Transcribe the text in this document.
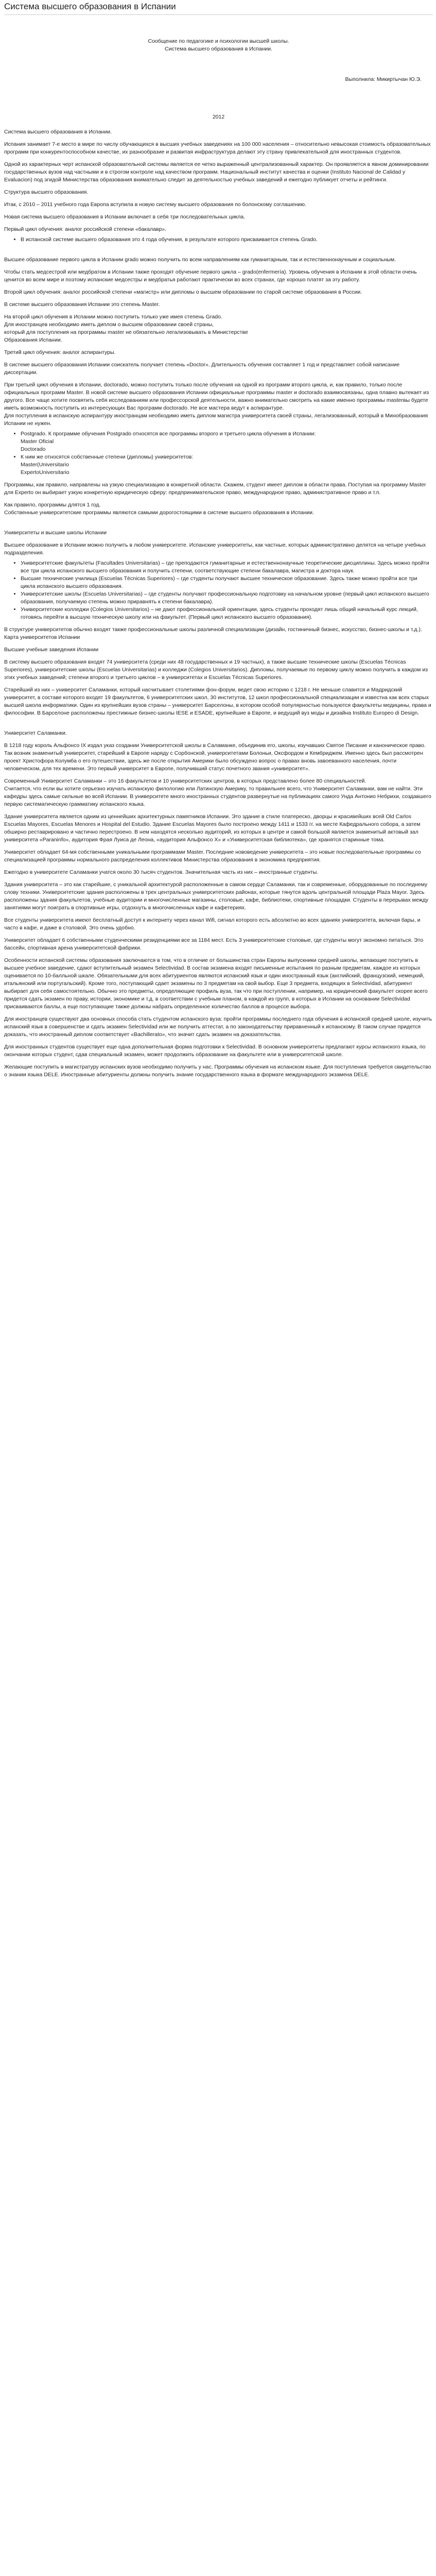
Система высшего образования в Испании

Сообщение по педагогике и психологии высшей школы.

Система высшего образования в Испании.

Выполнила: Микиртычан Ю.Э.

2012

Система высшего образования в Испании.

Испания занимает 7-е место в мире по числу обучающихся в высших учебных заведениях на 100 000 населения – относительно невысокая стоимость образовательных программ при конкурентоспособном качестве, их разнообразие и развитая инфраструктура делают эту страну привлекательной для иностранных студентов.

Одной из характерных черт испанской образовательной системы является ее четко выраженный централизованный характер. Он проявляется в явном доминировании государственных вузов над частными и в строгом контроле над качеством программ. Национальный институт качества и оценки (Instituto Nacional de Calidad y Evaluacion) под эгидой Министерства образования внимательно следит за деятельностью учебных заведений и ежегодно публикует отчеты и рейтинги.

Структура высшего образования.

Итак, с 2010 – 2011 учебного года Европа вступила в новую систему высшего образования по болонскому соглашению.

Новая система высшего образования в Испании включает в себя три последовательных цикла.

Первый цикл обучения: аналог российской степени «бакалавр».

• В испанской системе высшего образования это 4 года обучения, в результате которого присваивается степень Grado.

Высшее образование первого цикла в Испании grado можно получить по всем направлениям как гуманитарным, так и естественнонаучным и социальным.

Чтобы стать медсестрой или медбратом в Испании также проходят обучение первого цикла – grado(enfermería). Уровень обучения в Испании в этой области очень ценится во всем мире и поэтому испанские медсестры и медбратья работают практически во всех странах, где хорошо платят за эту работу.

Второй цикл обучения: аналог российской степени «магистр» или дипломы о высшем образовании по старой системе образования в России.

В системе высшего образования Испании это степень Master.

На второй цикл обучения в Испании можно поступить только уже имея степень Grado.
Для иностранцев необходимо иметь диплом о высшем образовании своей страны,
который для поступления на программы master не обязательно легализовывать в Министерстве
Образования Испании.

Третий цикл обучения: аналог аспирантуры.

В системе высшего образования Испании соискатель получает степень «Doctor». Длительность обучения составляет 1 год и представляет собой написание диссертации.

При третьей цикл обучения в Испании, doctorado, можно поступить только после обучения на одной из программ второго цикла, и, как правило, только после официальных программ Master. В новой системе высшего образования Испании официальные программы master и doctorado взаимосвязаны, одна плавно вытекает из другого. Все чаще хотите посвятить себя исследованиям или профессорской деятельности, важно внимательно смотреть на какие именно программы masterвы будете иметь возможность поступить из интересующих Вас программ doctorado. Не все мастера ведут к аспирантуре.
Для поступления в испанскую аспирантуру иностранцам необходимо иметь диплом магистра университета своей страны, легализованный, который в Минобразования Испании не нужен.

• Postgrado. К программе обучения Postgrado относятся все программы второго и третьего цикла обучения в Испании:
Master Oficial
Doctorado
• К ним же относятся собственные степени (дипломы) университетов:
Master(Universitario
ExpertoUniversitario

Программы, как правило, направлены на узкую специализацию в конкретной области. Скажем, студент имеет диплом в области права. Поступая на программу Master для Experto он выбирает узкую конкретную юридическую сферу: предпринимательское право, международное право, административное право и т.п.

Как правило, программы длятся 1 год.
Собственные университетские программы являются самыми дорогостоящими в системе высшего образования в Испании.

Университеты и высшие школы Испании

Высшее образование в Испании можно получить в любом университете. Испанские университеты, как частные, которых административно делятся на четыре учебных подразделения.

• Университетские факультеты (Facultades Universitarias) – где преподаются гуманитарные и естественнонаучные теоретические дисциплины. Здесь можно пройти все три цикла испанского высшего образования и получить степени, соответствующие степени бакалавра, магистра и доктора наук.
• Высшие технические училища (Escuelas Técnicas Superiores) – где студенты получают высшее техническое образование. Здесь также можно пройти все три цикла испанского высшего образования.
• Университетские школы (Escuelas Universitarias) – где студенты получают профессиональную подготовку на начальном уровне (первый цикл испанского высшего образования, получаемую степень можно приравнять к степени бакалавра).
• Университетские колледжи (Colegios Universitarios) – не дают профессиональной ориентации, здесь студенты проходят лишь общий начальный курс лекций, готовясь перейти в высшую техническую школу или на факультет. (Первый цикл испанского высшего образования).

В структуре университетов обычно входят также профессиональные школы различной специализации (дизайн, гостиничный бизнес, искусство, бизнес-школы и т.д.).
Карта университетов Испании

Высшие учебные заведения Испании

В систему высшего образования входят 74 университета (среди них 48 государственных и 19 частных), а также высшие технические школы (Escuelas Técnicas Superiores), университетские школы (Escuelas Universitarias) и колледжи (Colegios Universitarios). Дипломы, получаемые по первому циклу можно получить в каждом из этих учебных заведений; степени второго и третьего циклов – в университетах и Escuelas Técnicas Superiores.

Старейший из них – университет Саламанки, который насчитывает столетиями фон-форум, ведет свою историю с 1218 г. Не меньше славится и Мадридский университет, в составе которого входят 19 факультетов, 6 университетских школ, 30 институтов, 12 школ профессиональной специализации и известна как всех старых высшей школа информатики. Один из крупнейших вузов страны – университет Барселоны, в котором особой популярностью пользуются факультеты медицины, права и философии. В Барселоне расположены престижные бизнес-школы IESE и ESADE, крупнейшие в Европе, и ведущий вуз моды и дизайна Instituto Europeo di Design.

Университет Саламанки.

В 1218 году король Альфонсо IX издал указ создании Университетской школы в Саламанке, объединив его, школы, изучавших Святое Писание и каноническое право. Так возник знаменитый университет, старейший в Европе наряду с Сорбонской, университетами Болоньи, Оксфордом и Кембриджем. Именно здесь был рассмотрен проект Христофора Колумба о его путешествии, здесь же после открытия Америки было обсуждено вопрос о правах вновь завоеванного населения, почти человеческом, для тех времени. Это первый университет в Европе, получивший статус почетного звания «университет».

Современный Университет Саламанки – это 16 факультетов и 10 университетских центров, в которых представлено более 80 специальностей.
Считается, что если вы хотите серьезно изучать испанскую филологию или Латинскую Америку, то правильнее всего, что Университет Саламанки, вам не найти. Эти кафедры здесь самые сильные во всей Испании. В университете много иностранных студентов развернутые на публикациях самого Унда Антонио Небрихи, создавшего первую систематическую грамматику испанского языка.

Здание университета является одним из ценнейших архитектурных памятников Испании. Это здание в стиле платереско, дворцы и красивейших всей Old Carlos Escuelas Mayores, Escuelas Menores и Hospital del Estudio. Здание Escuelas Mayores было построено между 1411 и 1533 гг. на месте Кафедрального собора, а затем обширно реставрировано и частично перестроено. В нем находятся несколько аудиторий, из которых в центре и самой большой является знаменитый актовый зал университета «Paraninfo», аудитория Фрая Луиса де Леона, «аудитория Альфонсо X» и «Университетская библиотека», где хранятся старинные тома.

Университет обладает 64-мя собственными уникальными программами Master. Последние нововедение университета – это новые последовательные программы со специализацией программы нормального распределения коллективов Министерства образования в экономика предприятия.

Ежегодно в университете Саламанки учатся около 30 тысяч студентов. Значительная часть из них – иностранные студенты.

Здания университета – это как старейшие, с уникальной архитектурой расположенные в самом сердце Саламанки, так и современные, оборудованные по последнему слову техники. Университетские здания расположены в трех центральных университетских районах, которые тянутся вдоль центральной площади Plaza Mayor. Здесь расположены здания факультетов, учебные аудитории и многочисленные магазины, столовые, кафе, библиотеки, спортивные площадки. Студенты в перерывах между занятиями могут поиграть в спортивные игры, отдохнуть в многочисленных кафе и кафетериях.

Все студенты университета имеют бесплатный доступ к интернету через канал Wifi, сигнал которого есть абсолютно во всех зданиях университета, включая бары, и часто в кафе, и даже в столовой. Это очень удобно.

Университет обладает 6 собственными студенческими резиденциями все за 1184 мест. Есть 3 университетские столовые, где студенты могут экономно питаться. Это бассейн, спортивная арена университетской фабрики.

Особенности испанской системы образования заключаются в том, что в отличие от большинства стран Европы выпускники средней школы, желающие поступить в высшее учебное заведение, сдают вступительный экзамен Selectividad. В состав экзамена входят письменные испытания по разным предметам, каждое из которых оценивается по 10-балльной шкале. Обязательными для всех абитуриентов являются испанский язык и один иностранный язык (английский, французский, немецкий, итальянский или португальский). Кроме того, поступающий сдает экзамены по 3 предметам на свой выбор. Еще 3 предмета, входящих в Selectividad, абитуриент выбирает для себя самостоятельно. Обычно это предметы, определяющие профиль вуза, так что при поступлении, например, на юридический факультет скорее всего придется сдать экзамен по праву, истории, экономике и т.д. в соответствии с учебным планом, в каждой из групп, в которых в Испании на основании Selectividad присваиваются баллы, а еще поступающие также должны набрать определенное количество баллов в процессе выбора.

Для иностранцев существуют два основных способа стать студентом испанского вуза: пройти программы последнего года обучения в испанской средней школе, изучить испанский язык в совершенстве и сдать экзамен Selectividad или же получить аттестат, а по законодательству приравненный к испанскому. В таком случае придется доказать, что иностранный диплом соответствует «Bachillerato», что значит сдать экзамен на доказательства.

Для иностранных студентов существует еще одна дополнительная форма подготовки к Selectividad. В основном университеты предлагают курсы испанского языка, по окончании которых студент, сдав специальный экзамен, может продолжить образование на факультете или в университетской школе.

Желающие поступить в магистратуру испанских вузов необходимо получить у нас. Программы обучения на испанском языке. Для поступления требуется свидетельство о знании языка DELE. Иностранные абитуриенты должны получить знание государственного языка в формате международного экзамена DELE.
